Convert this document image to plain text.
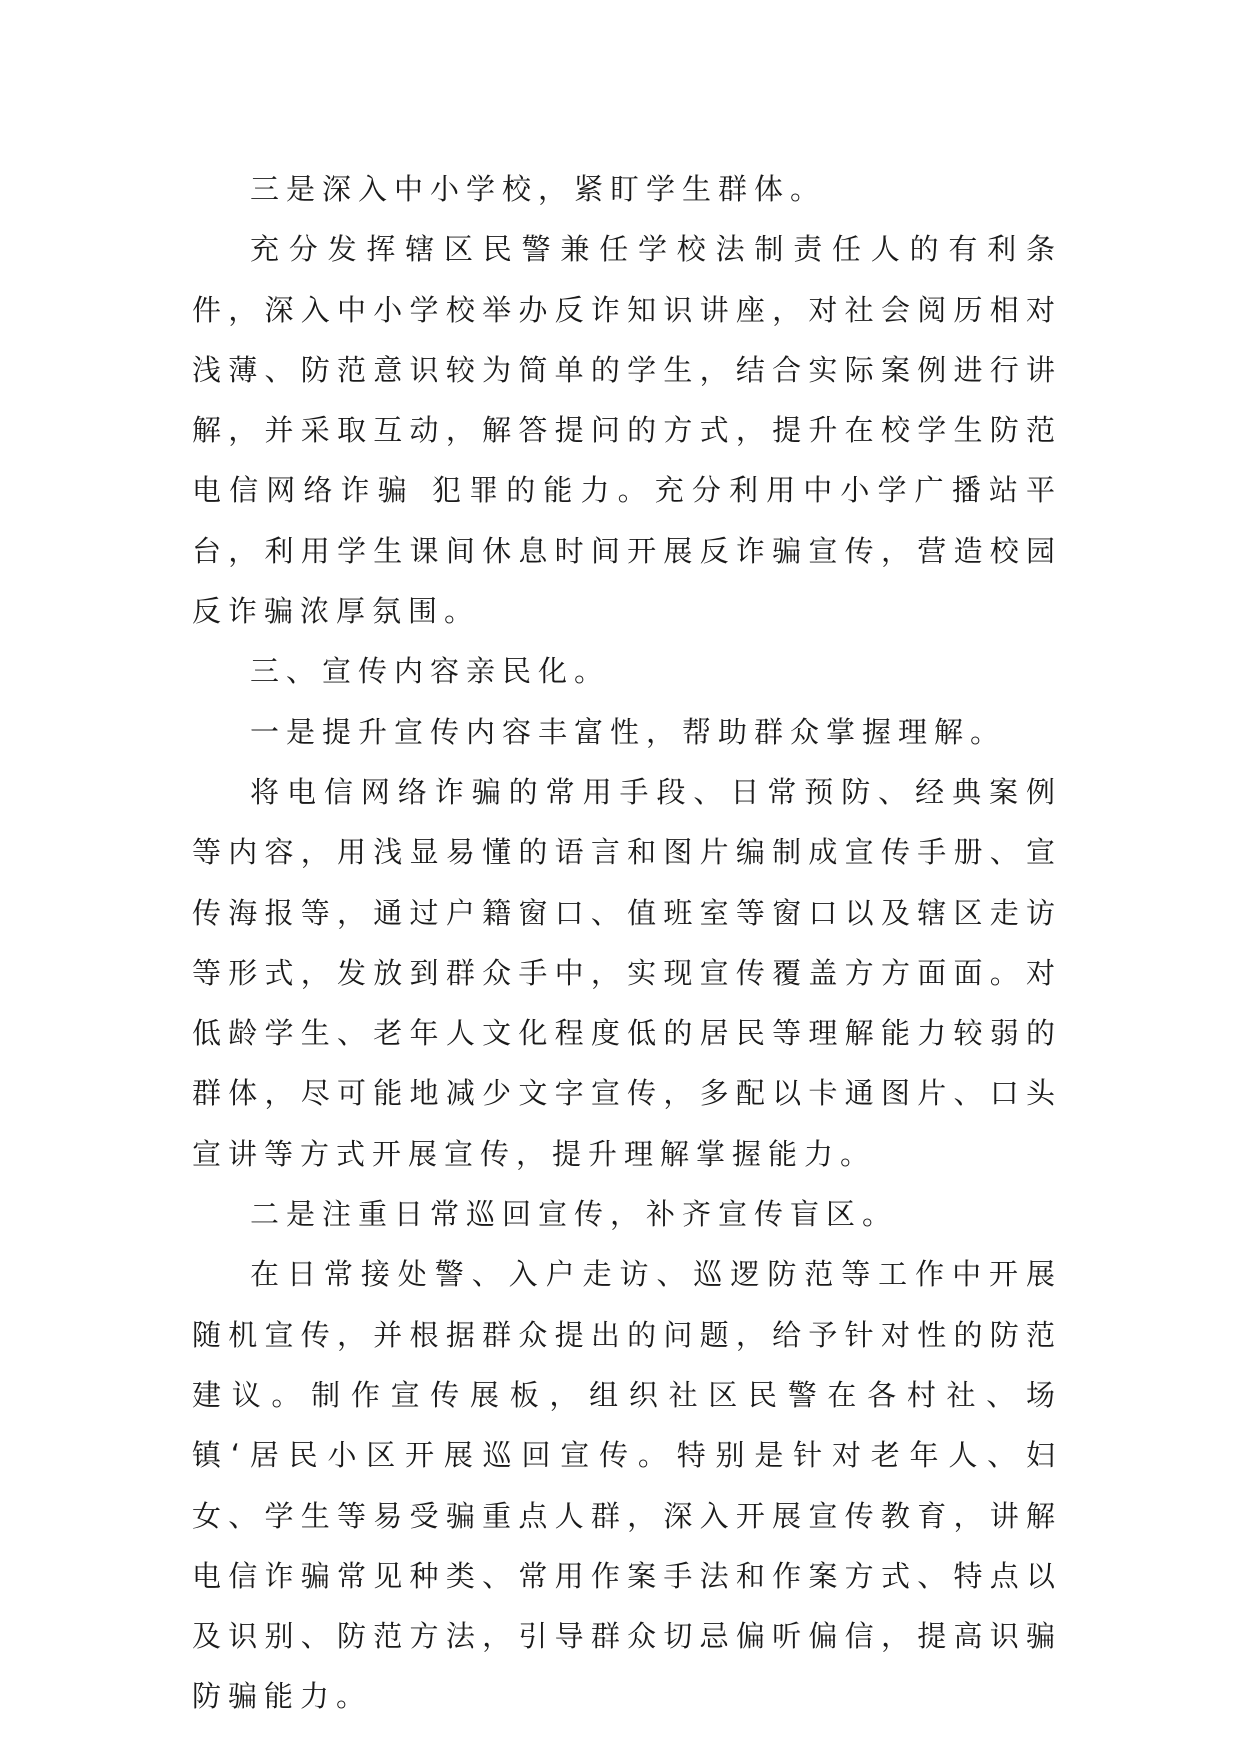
三是深入中小学校，紧盯学生群体。

充分发挥辖区民警兼任学校法制责任人的有利条件，深入中小学校举办反诈知识讲座，对社会阅历相对浅薄、防范意识较为简单的学生，结合实际案例进行讲解，并采取互动，解答提问的方式，提升在校学生防范电信网络诈骗 犯罪的能力。充分利用中小学广播站平台，利用学生课间休息时间开展反诈骗宣传，营造校园反诈骗浓厚氛围。

三、宣传内容亲民化。

一是提升宣传内容丰富性，帮助群众掌握理解。

将电信网络诈骗的常用手段、日常预防、经典案例等内容，用浅显易懂的语言和图片编制成宣传手册、宣传海报等，通过户籍窗口、值班室等窗口以及辖区走访等形式，发放到群众手中，实现宣传覆盖方方面面。对低龄学生、老年人文化程度低的居民等理解能力较弱的群体，尽可能地减少文字宣传，多配以卡通图片、口头宣讲等方式开展宣传，提升理解掌握能力。

二是注重日常巡回宣传，补齐宣传盲区。

在日常接处警、入户走访、巡逻防范等工作中开展随机宣传，并根据群众提出的问题，给予针对性的防范建议。制作宣传展板，组织社区民警在各村社、场镇‘居民小区开展巡回宣传。特别是针对老年人、妇女、学生等易受骗重点人群，深入开展宣传教育，讲解电信诈骗常见种类、常用作案手法和作案方式、特点以及识别、防范方法，引导群众切忌偏听偏信，提高识骗防骗能力。
